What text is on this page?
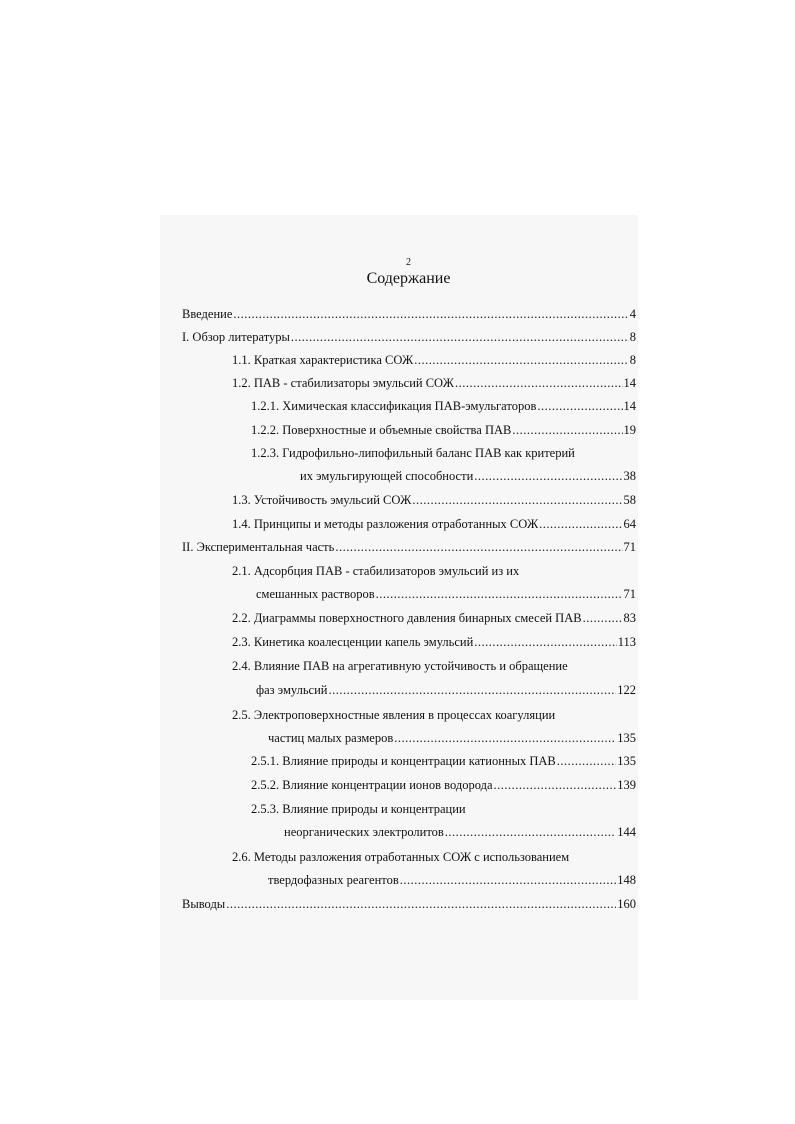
2
Содержание
Введение .....	4
I. Обзор литературы .....	8
1.1. Краткая характеристика СОЖ .....	8
1.2. ПАВ - стабилизаторы эмульсий СОЖ .....	14
1.2.1. Химическая классификация ПАВ-эмульгаторов .....	14
1.2.2. Поверхностные и объемные свойства ПАВ .....	19
1.2.3. Гидрофильно-липофильный баланс ПАВ как критерий
их эмульгирующей способности .....	38
1.3. Устойчивость эмульсий СОЖ .....	58
1.4. Принципы и методы разложения отработанных СОЖ .....	64
II. Экспериментальная часть .....	71
2.1. Адсорбция ПАВ - стабилизаторов эмульсий из их
смешанных растворов .....	71
2.2. Диаграммы поверхностного давления бинарных смесей ПАВ .....	83
2.3. Кинетика коалесценции капель эмульсий .....	113
2.4. Влияние ПАВ на агрегативную устойчивость и обращение
фаз эмульсий .....	122
2.5. Электроповерхностные явления в процессах коагуляции
частиц малых размеров .....	135
2.5.1. Влияние природы и концентрации катионных ПАВ .....	135
2.5.2. Влияние концентрации ионов водорода .....	139
2.5.3. Влияние природы и концентрации
неорганических электролитов .....	144
2.6. Методы разложения отработанных СОЖ с использованием
твердофазных реагентов .....	148
Выводы .....	160
